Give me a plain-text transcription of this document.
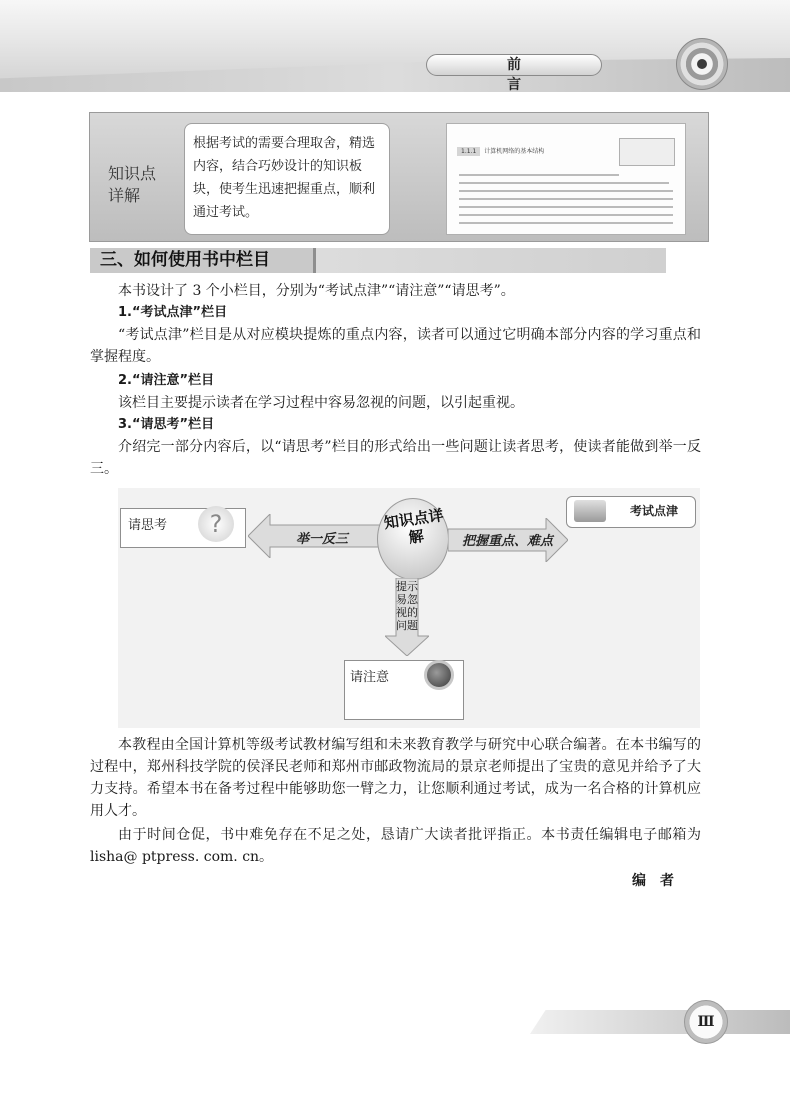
前 言
知识点详解
根据考试的需要合理取舍，精选内容，结合巧妙设计的知识板块，使考生迅速把握重点，顺利通过考试。
1.1.1 计算机网络的基本结构
三、如何使用书中栏目
本书设计了 3 个小栏目，分别为“考试点津”“请注意”“请思考”。
1.“考试点津”栏目
“考试点津”栏目是从对应模块提炼的重点内容，读者可以通过它明确本部分内容的学习重点和掌握程度。
2.“请注意”栏目
该栏目主要提示读者在学习过程中容易忽视的问题，以引起重视。
3.“请思考”栏目
介绍完一部分内容后，以“请思考”栏目的形式给出一些问题让读者思考，使读者能做到举一反三。
请思考	?
举一反三
知识点详解	把握重点、难点
考试点津
提示易忽视的问题
请注意
本教程由全国计算机等级考试教材编写组和未来教育教学与研究中心联合编著。在本书编写的过程中，郑州科技学院的侯泽民老师和郑州市邮政物流局的景京老师提出了宝贵的意见并给予了大力支持。希望本书在备考过程中能够助您一臂之力，让您顺利通过考试，成为一名合格的计算机应用人才。
由于时间仓促，书中难免存在不足之处，恳请广大读者批评指正。本书责任编辑电子邮箱为 lisha@ ptpress. com. cn。
编者
Ⅲ
